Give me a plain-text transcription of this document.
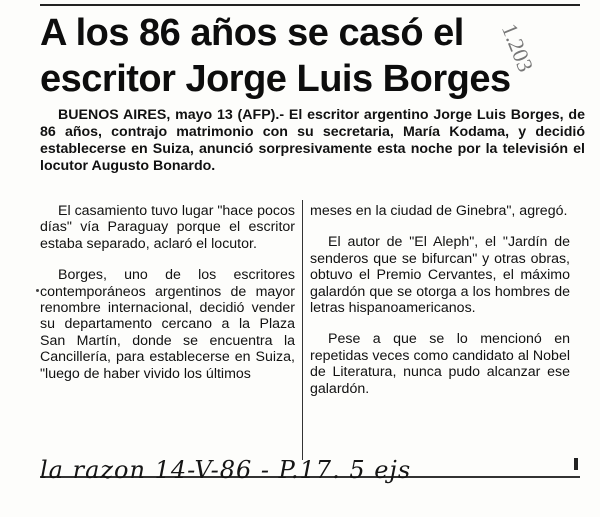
A los 86 años se casó el
escritor Jorge Luis Borges
1.203
BUENOS AIRES, mayo 13 (AFP).- El escritor argentino Jorge Luis Borges, de 86 años, contrajo matrimonio con su secretaria, María Kodama, y decidió establecerse en Suiza, anunció sorpresivamente esta noche por la televisión el locutor Augusto Bonardo.

El casamiento tuvo lugar "hace pocos días" vía Paraguay porque el escritor estaba separado, aclaró el locutor.

Borges, uno de los escritores contemporáneos argentinos de mayor renombre internacional, decidió vender su departamento cercano a la Plaza San Martín, donde se encuentra la Cancillería, para establecerse en Suiza, "luego de haber vivido los últimos

meses en la ciudad de Ginebra", agregó.

El autor de "El Aleph", el "Jardín de senderos que se bifurcan" y otras obras, obtuvo el Premio Cervantes, el máximo galardón que se otorga a los hombres de letras hispanoamericanos.

Pese a que se lo mencionó en repetidas veces como candidato al Nobel de Literatura, nunca pudo alcanzar ese galardón.

la razon 14-V-86 - P.17. 5 ejs
